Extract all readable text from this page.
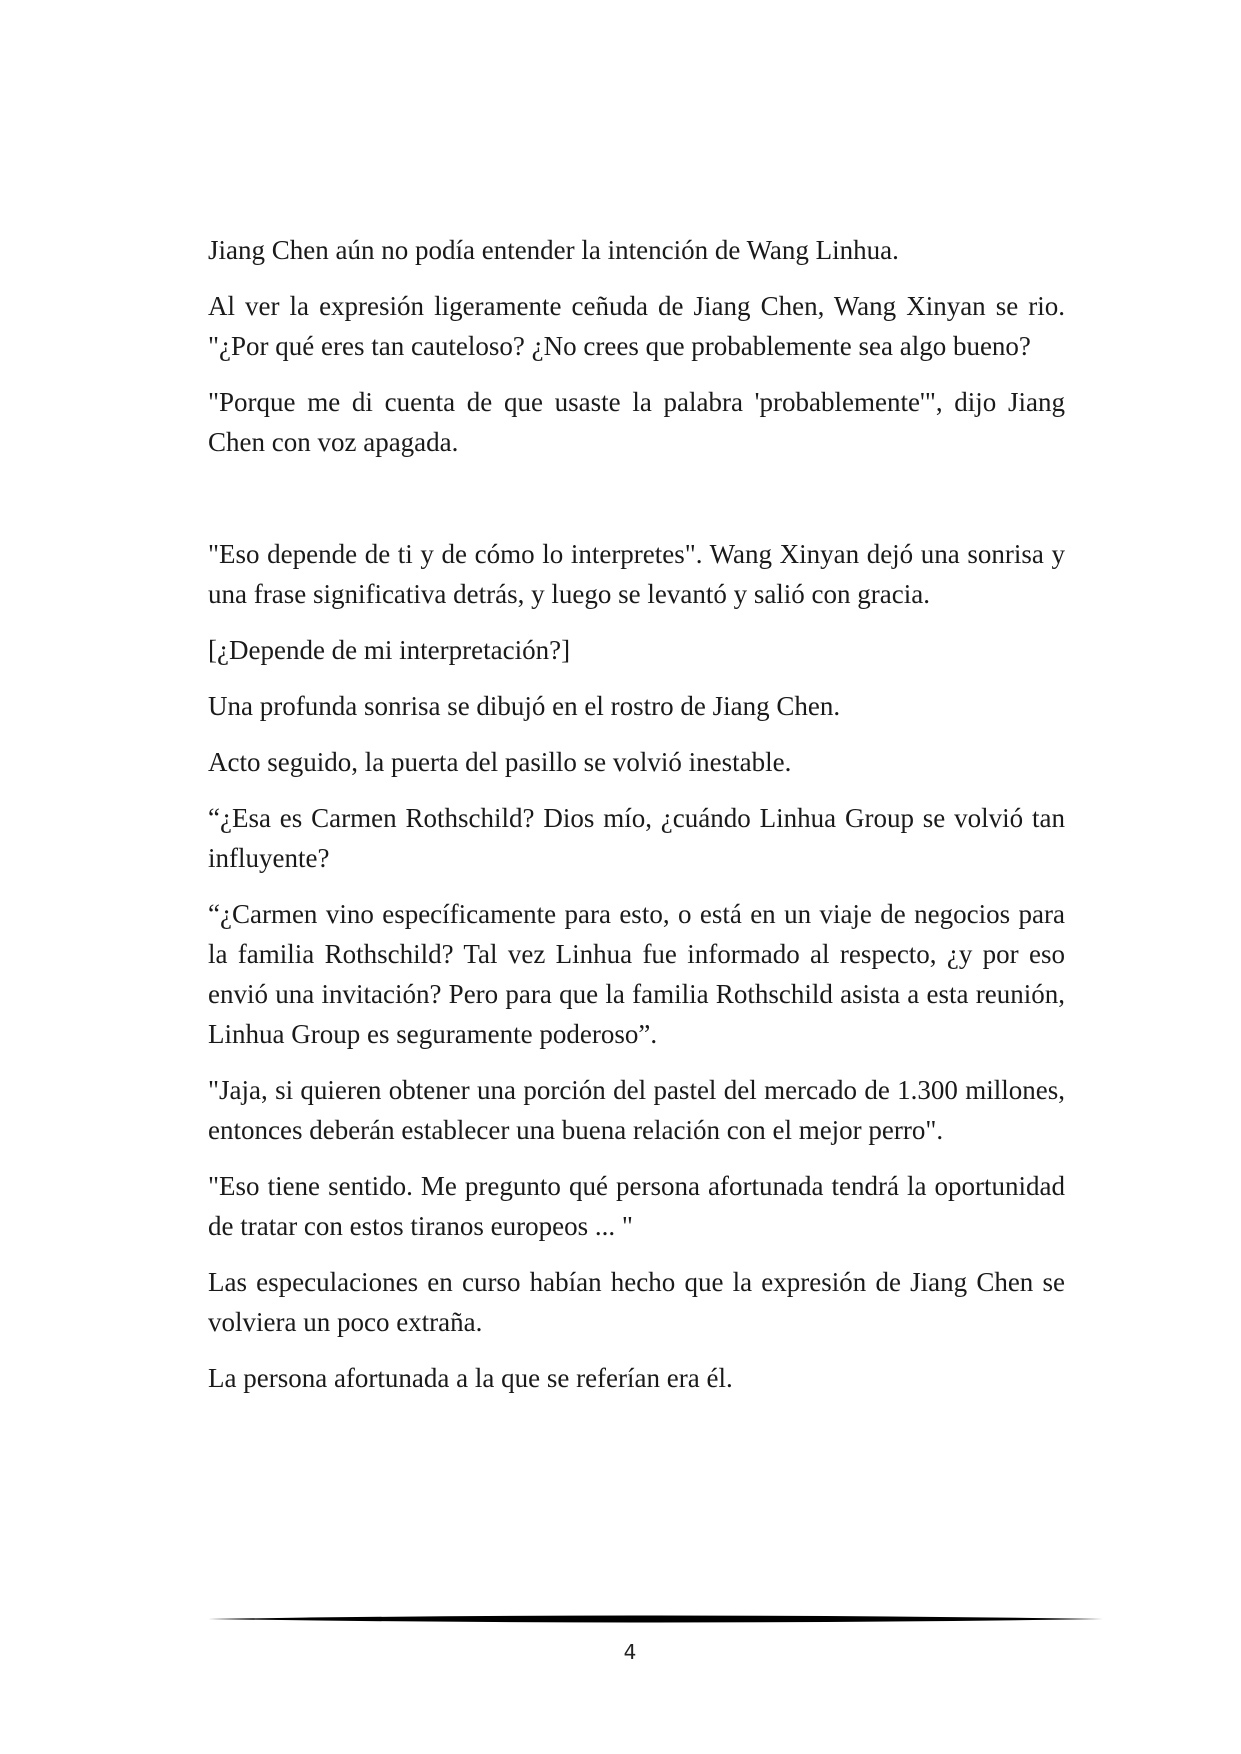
Jiang Chen aún no podía entender la intención de Wang Linhua.

Al ver la expresión ligeramente ceñuda de Jiang Chen, Wang Xinyan se rio. "¿Por qué eres tan cauteloso? ¿No crees que probablemente sea algo bueno?

"Porque me di cuenta de que usaste la palabra 'probablemente'", dijo Jiang Chen con voz apagada.

"Eso depende de ti y de cómo lo interpretes". Wang Xinyan dejó una sonrisa y una frase significativa detrás, y luego se levantó y salió con gracia.

[¿Depende de mi interpretación?]

Una profunda sonrisa se dibujó en el rostro de Jiang Chen.

Acto seguido, la puerta del pasillo se volvió inestable.

“¿Esa es Carmen Rothschild? Dios mío, ¿cuándo Linhua Group se volvió tan influyente?

“¿Carmen vino específicamente para esto, o está en un viaje de negocios para la familia Rothschild? Tal vez Linhua fue informado al respecto, ¿y por eso envió una invitación? Pero para que la familia Rothschild asista a esta reunión, Linhua Group es seguramente poderoso”.

"Jaja, si quieren obtener una porción del pastel del mercado de 1.300 millones, entonces deberán establecer una buena relación con el mejor perro".

"Eso tiene sentido. Me pregunto qué persona afortunada tendrá la oportunidad de tratar con estos tiranos europeos ... "

Las especulaciones en curso habían hecho que la expresión de Jiang Chen se volviera un poco extraña.

La persona afortunada a la que se referían era él.

4
